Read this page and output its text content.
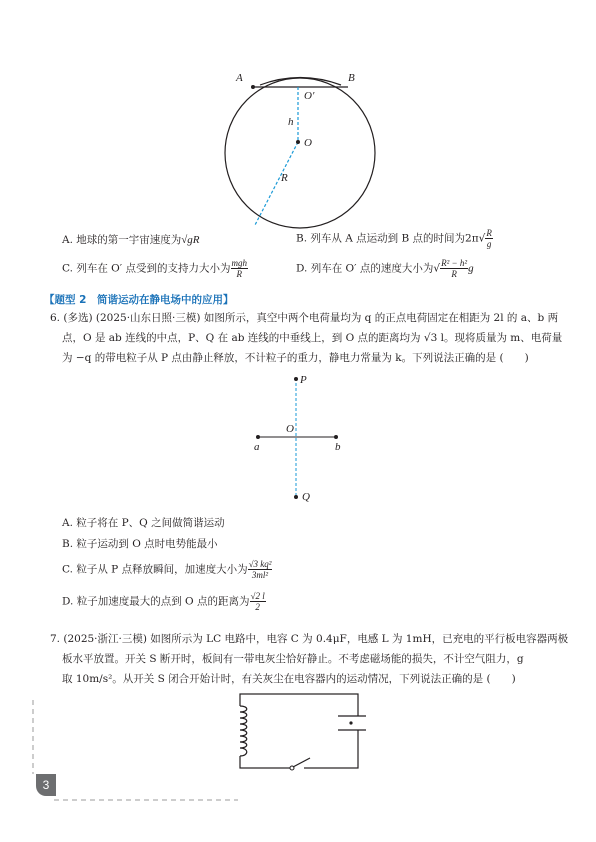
A	B
O′
h
O
R
A. 地球的第一宇宙速度为√gR	B. 列车从 A 点运动到 B 点的时间为$2\pi√ \frac{R}{g}$
C. 列车在 O′ 点受到的支持力大小为 $\frac{\text{mgh}}{R}$	D. 列车在 O′ 点的速度大小为√ $\frac{\text{R² − h²}}{R}$ g
【题型 2　简谐运动在静电场中的应用】
6. (多选) (2025·山东日照·三模) 如图所示，真空中两个电荷量均为 q 的正点电荷固定在相距为 2l 的 a、b 两
点，O 是 ab 连线的中点，P、Q 在 ab 连线的中垂线上，到 O 点的距离均为 √3 l。现将质量为 m、电荷量
为 −q 的带电粒子从 P 点由静止释放，不计粒子的重力，静电力常量为 k。下列说法正确的是 (　　)
P
O
a	b
Q
A. 粒子将在 P、Q 之间做简谐运动
B. 粒子运动到 O 点时电势能最小
C. 粒子从 P 点释放瞬间，加速度大小为 $\frac{\text{√3 kq²}}{\text{3ml²}}$
D. 粒子加速度最大的点到 O 点的距离为 $\frac{√2 l}{2}$
7. (2025·浙江·三模) 如图所示为 LC 电路中，电容 C 为 0.4μF，电感 L 为 1mH，已充电的平行板电容器两极
板水平放置。开关 S 断开时，板间有一带电灰尘恰好静止。不考虑磁场能的损失，不计空气阻力，g
取 10m/s²。从开关 S 闭合开始计时，有关灰尘在电容器内的运动情况，下列说法正确的是 (　　)
3
